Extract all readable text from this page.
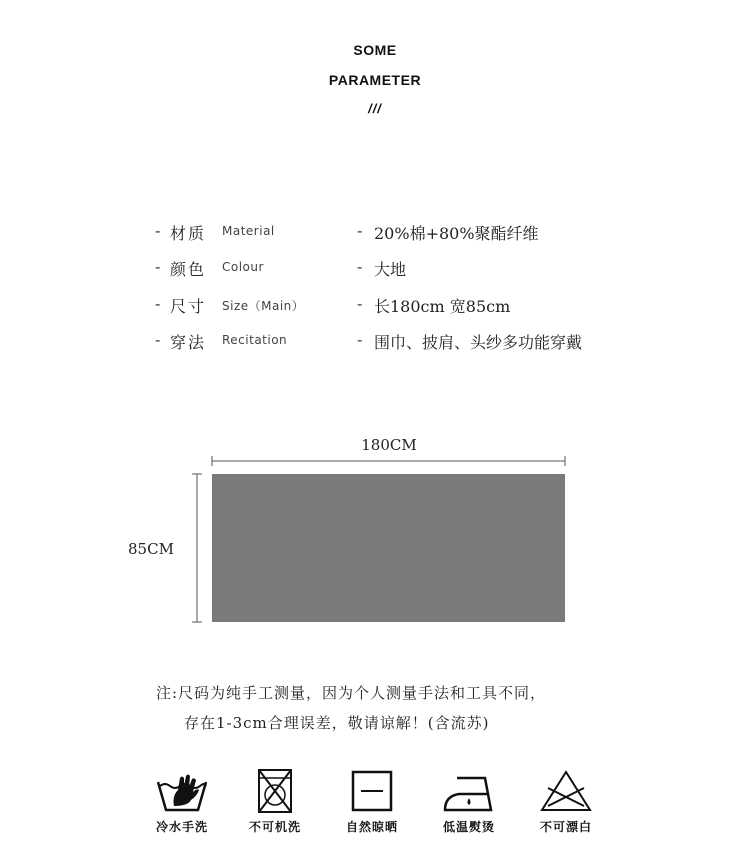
SOME
PARAMETER
///
- 材质 Material	- 20%棉+80%聚酯纤维
- 颜色 Colour	- 大地
- 尺寸 Size（Main）	- 长180cm 宽85cm
- 穿法 Recitation	- 围巾、披肩、头纱多功能穿戴
180CM
85CM
注:尺码为纯手工测量，因为个人测量手法和工具不同，
存在1-3cm合理误差，敬请谅解！(含流苏)
冷水手洗	不可机洗	自然晾晒	低温熨烫	不可漂白
